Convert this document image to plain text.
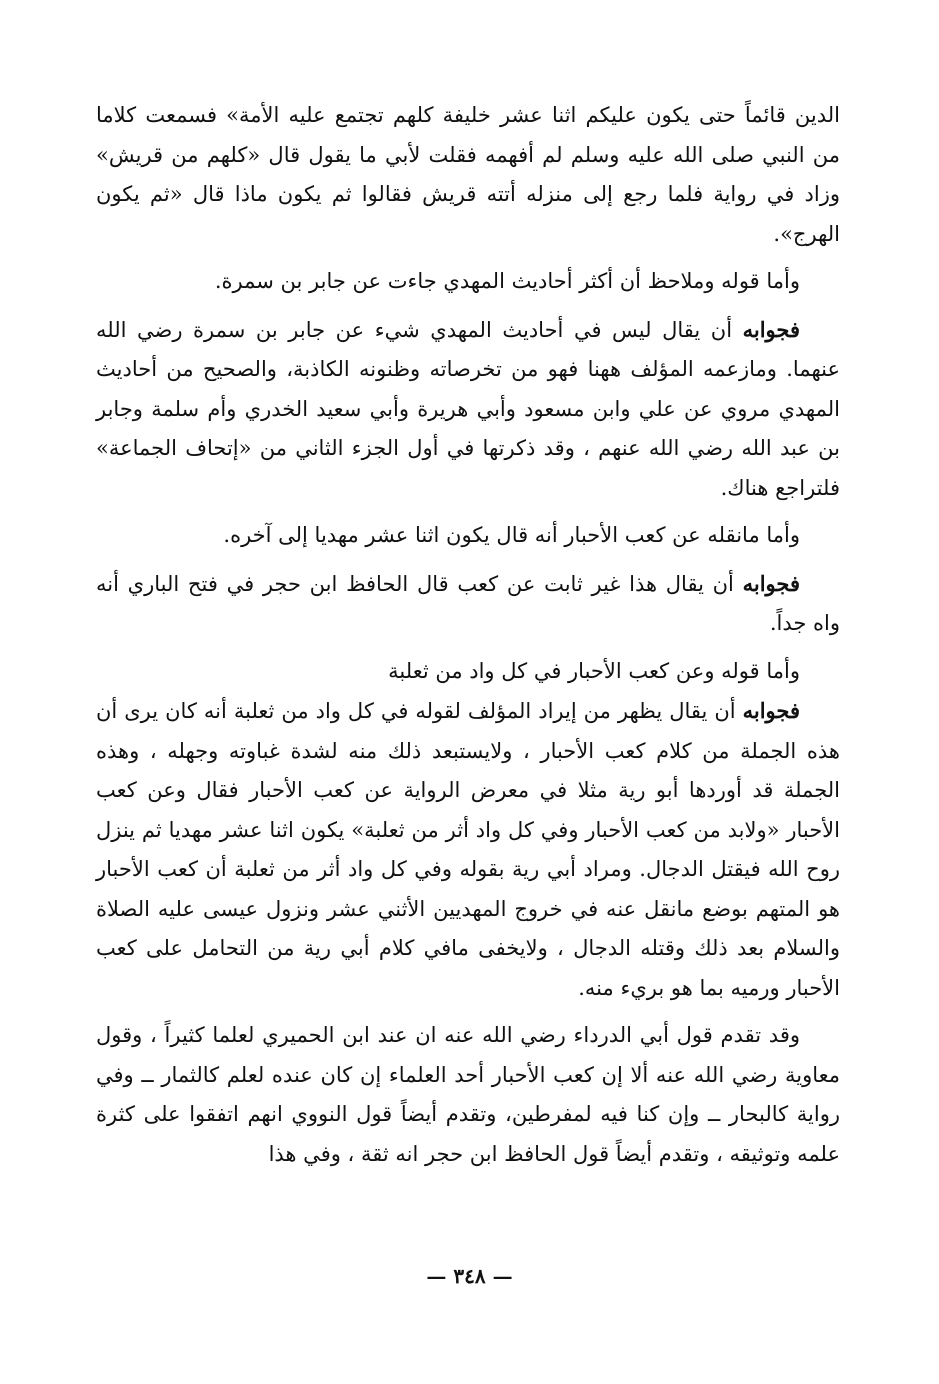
الدين قائماً حتى يكون عليكم اثنا عشر خليفة كلهم تجتمع عليه الأمة» فسمعت كلاما من النبي صلى الله عليه وسلم لم أفهمه فقلت لأبي ما يقول قال «كلهم من قريش» وزاد في رواية فلما رجع إلى منزله أتته قريش فقالوا ثم يكون ماذا قال «ثم يكون الهرج».

وأما قوله وملاحظ أن أكثر أحاديث المهدي جاءت عن جابر بن سمرة.

فجوابه أن يقال ليس في أحاديث المهدي شيء عن جابر بن سمرة رضي الله عنهما. ومازعمه المؤلف ههنا فهو من تخرصاته وظنونه الكاذبة، والصحيح من أحاديث المهدي مروي عن علي وابن مسعود وأبي هريرة وأبي سعيد الخدري وأم سلمة وجابر بن عبد الله رضي الله عنهم ، وقد ذكرتها في أول الجزء الثاني من «إتحاف الجماعة» فلتراجع هناك.

وأما مانقله عن كعب الأحبار أنه قال يكون اثنا عشر مهديا إلى آخره.

فجوابه أن يقال هذا غير ثابت عن كعب قال الحافظ ابن حجر في فتح الباري أنه واه جداً.

وأما قوله وعن كعب الأحبار في كل واد من ثعلبة

فجوابه أن يقال يظهر من إيراد المؤلف لقوله في كل واد من ثعلبة أنه كان يرى أن هذه الجملة من كلام كعب الأحبار ، ولايستبعد ذلك منه لشدة غباوته وجهله ، وهذه الجملة قد أوردها أبو رية مثلا في معرض الرواية عن كعب الأحبار فقال وعن كعب الأحبار «ولابد من كعب الأحبار وفي كل واد أثر من ثعلبة» يكون اثنا عشر مهديا ثم ينزل روح الله فيقتل الدجال. ومراد أبي رية بقوله وفي كل واد أثر من ثعلبة أن كعب الأحبار هو المتهم بوضع مانقل عنه في خروج المهديين الأثني عشر ونزول عيسى عليه الصلاة والسلام بعد ذلك وقتله الدجال ، ولايخفى مافي كلام أبي رية من التحامل على كعب الأحبار ورميه بما هو بريء منه.

وقد تقدم قول أبي الدرداء رضي الله عنه ان عند ابن الحميري لعلما كثيراً ، وقول معاوية رضي الله عنه ألا إن كعب الأحبار أحد العلماء إن كان عنده لعلم كالثمار ــ وفي رواية كالبحار ــ وإن كنا فيه لمفرطين، وتقدم أيضاً قول النووي انهم اتفقوا على كثرة علمه وتوثيقه ، وتقدم أيضاً قول الحافظ ابن حجر انه ثقة ، وفي هذا

— ٣٤٨ —
